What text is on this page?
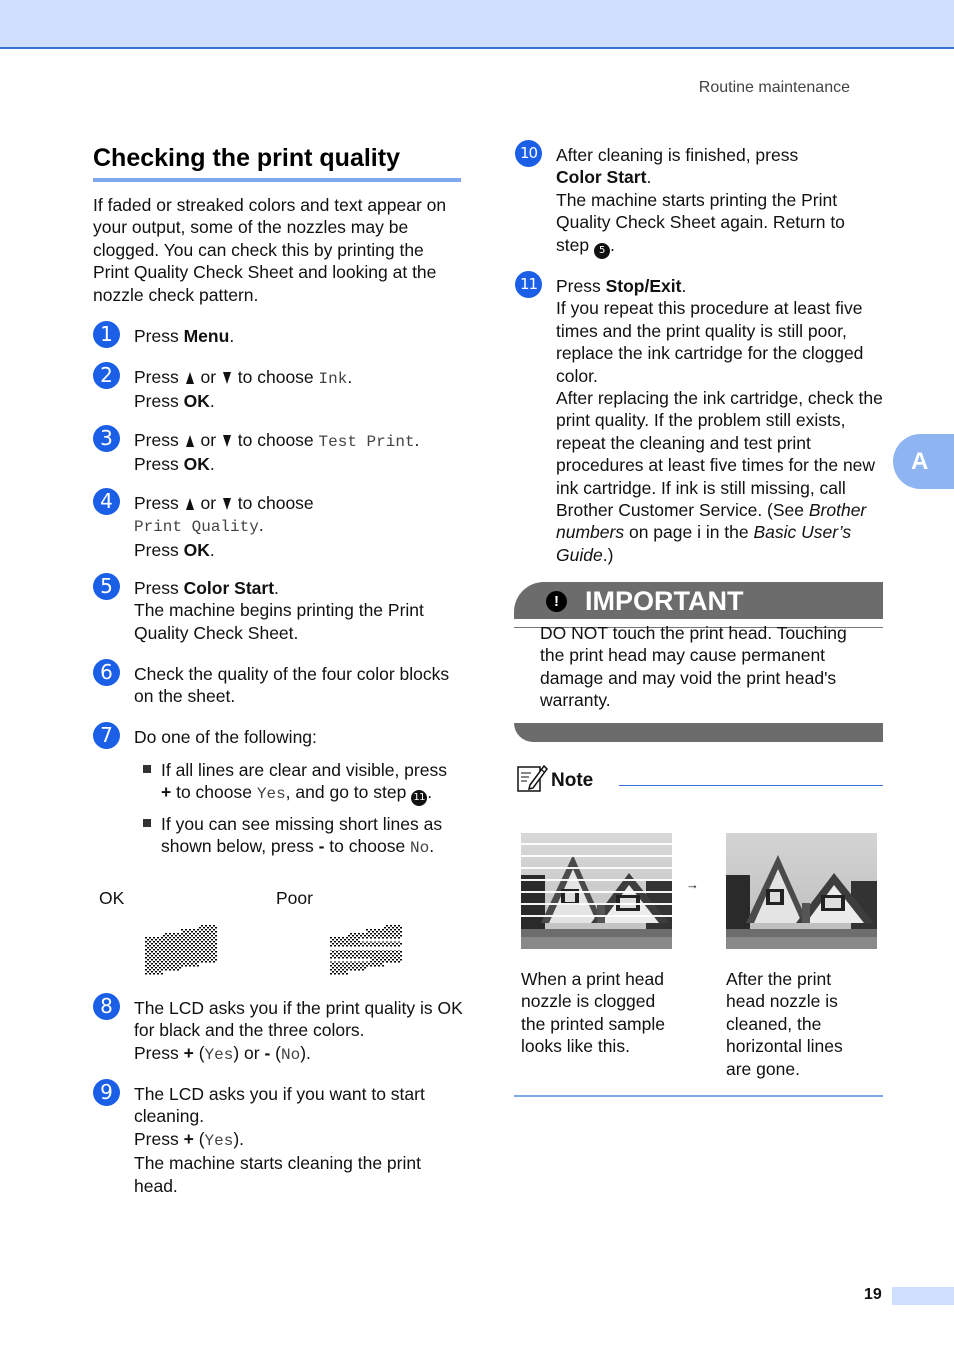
Routine maintenance
Checking the print quality
If faded or streaked colors and text appear on your output, some of the nozzles may be clogged. You can check this by printing the Print Quality Check Sheet and looking at the nozzle check pattern.
1	Press Menu.
2	Press  or  to choose Ink.
Press OK.
3	Press  or  to choose Test Print.
Press OK.
4	Press  or  to choose
Print Quality.
Press OK.
5	Press Color Start.
The machine begins printing the Print Quality Check Sheet.
6	Check the quality of the four color blocks on the sheet.
7	Do one of the following:
If all lines are clear and visible, press + to choose Yes, and go to step 11 .
If you can see missing short lines as shown below, press - to choose No.
OK	Poor
8	The LCD asks you if the print quality is OK for black and the three colors.
Press + (Yes) or - (No).
9	The LCD asks you if you want to start cleaning.
Press + (Yes).
The machine starts cleaning the print head.
10 After cleaning is finished, press
Color Start.
The machine starts printing the Print Quality Check Sheet again. Return to step 5 .
11 Press Stop/Exit.
If you repeat this procedure at least five times and the print quality is still poor, replace the ink cartridge for the clogged color.
After replacing the ink cartridge, check the print quality. If the problem still exists, repeat the cleaning and test print procedures at least five times for the new ink cartridge. If ink is still missing, call Brother Customer Service. (See Brother numbers on page i in the Basic User’s Guide.)
A
! IMPORTANT
DO NOT touch the print head. Touching the print head may cause permanent damage and may void the print head's warranty.
Note
→
When a print head nozzle is clogged the printed sample looks like this.
After the print head nozzle is cleaned, the horizontal lines are gone.
19
